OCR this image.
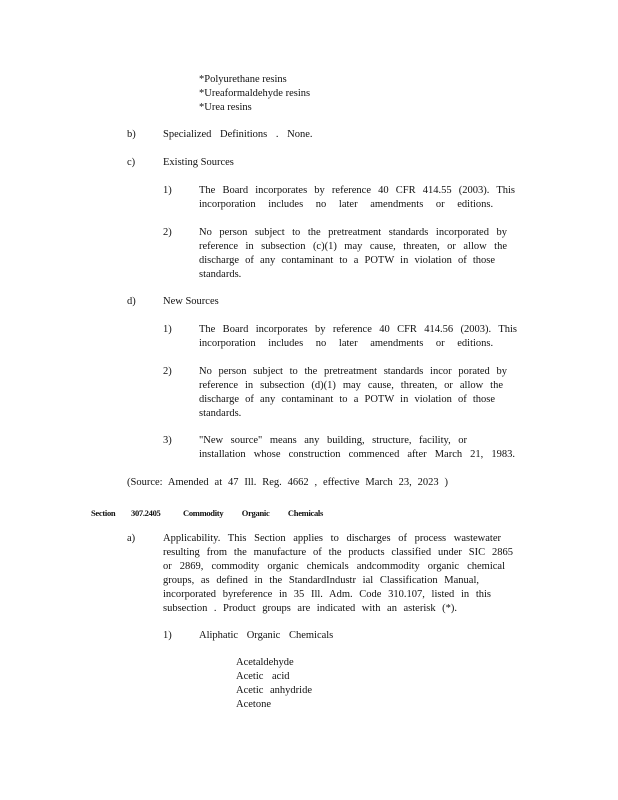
*Polyurethane resins
*Ureaformaldehyde resins
*Urea resins
b)	Specialized Definitions . None.
c)	Existing Sources
1)	The Board incorporates by reference 40 CFR 414.55 (2003). This
incorporation includes no later amendments or editions.
2)	No person subject to the pretreatment standards incorporated by
reference in subsection (c)(1) may cause, threaten, or allow the
discharge of any contaminant to a POTW in violation of those
standards.
d)	New Sources
1)	The Board incorporates by reference 40 CFR 414.56 (2003). This
incorporation includes no later amendments or editions.
2)	No person subject to the pretreatment standards incor porated by
reference in subsection (d)(1) may cause, threaten, or allow the
discharge of any contaminant to a POTW in violation of those
standards.
3)	"New source" means any building, structure, facility, or
installation whose construction commenced after March 21, 1983.
(Source: Amended at 47 Ill. Reg. 4662 , effective March 23, 2023 )
Section 307.2405	Commodity Organic Chemicals
a)	Applicability. This Section applies to discharges of process wastewater
resulting from the manufacture of the products classified under SIC 2865
or 2869, commodity organic chemicals andcommodity organic chemical
groups, as defined in the StandardIndustr ial Classification Manual,
incorporated byreference in 35 Ill. Adm. Code 310.107, listed in this
subsection . Product groups are indicated with an asterisk (*).
1)	Aliphatic Organic Chemicals
Acetaldehyde
Acetic acid
Acetic anhydride
Acetone
